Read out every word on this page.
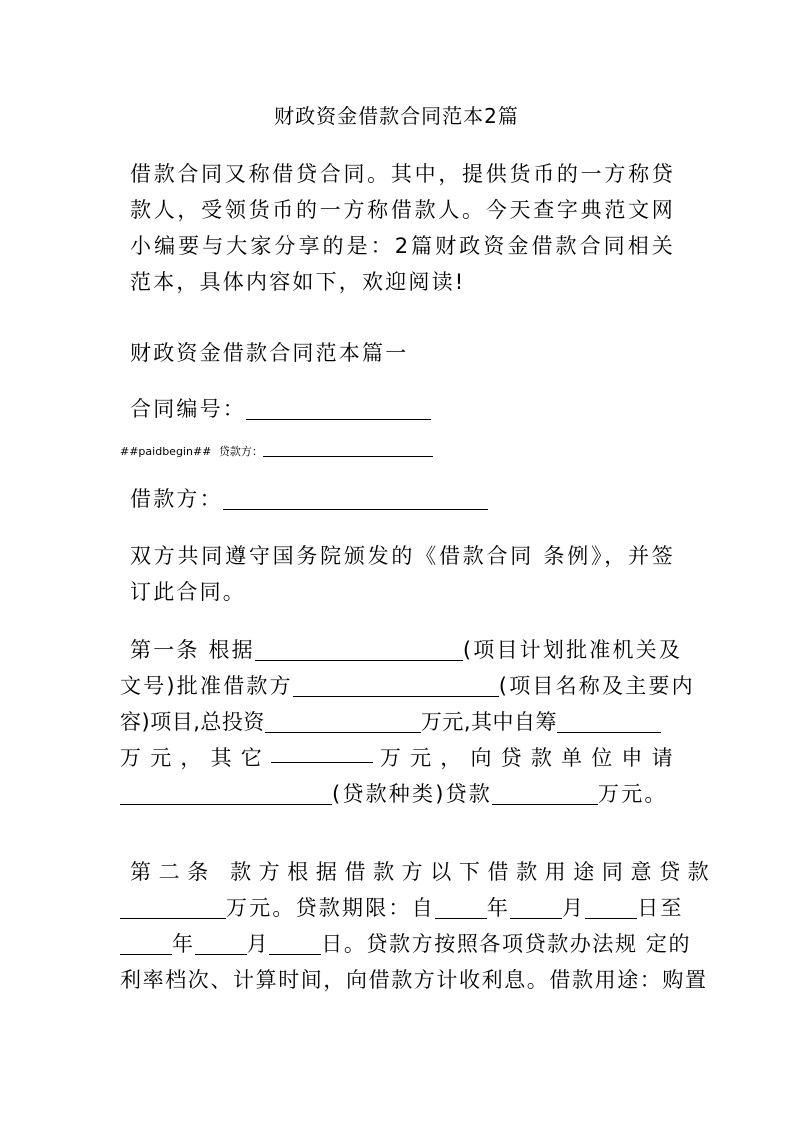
财政资金借款合同范本2篇

借款合同又称借贷合同。其中，提供货币的一方称贷款人，受领货币的一方称借款人。今天查字典范文网小编要与大家分享的是：2篇财政资金借款合同相关范本，具体内容如下，欢迎阅读!

财政资金借款合同范本篇一
合同编号：
##paidbegin## 贷款方：
借款方：

双方共同遵守国务院颁发的《借款合同 条例》，并签订此合同。

第一条 根据	(项目计划批准机关及
文号)批准借款方	(项目名称及主要内
容)项目,总投资	万元,其中自筹
万 元 ， 其 它	万 元 ， 向 贷 款 单 位 申 请
(贷款种类)贷款	万元。
第二条 款方根据借款方以下借款用途同意贷款
万元。贷款期限：自 年 月 日至
年 月 日。贷款方按照各项贷款办法规 定的
利率档次、计算时间，向借款方计收利息。借款用途：购置
